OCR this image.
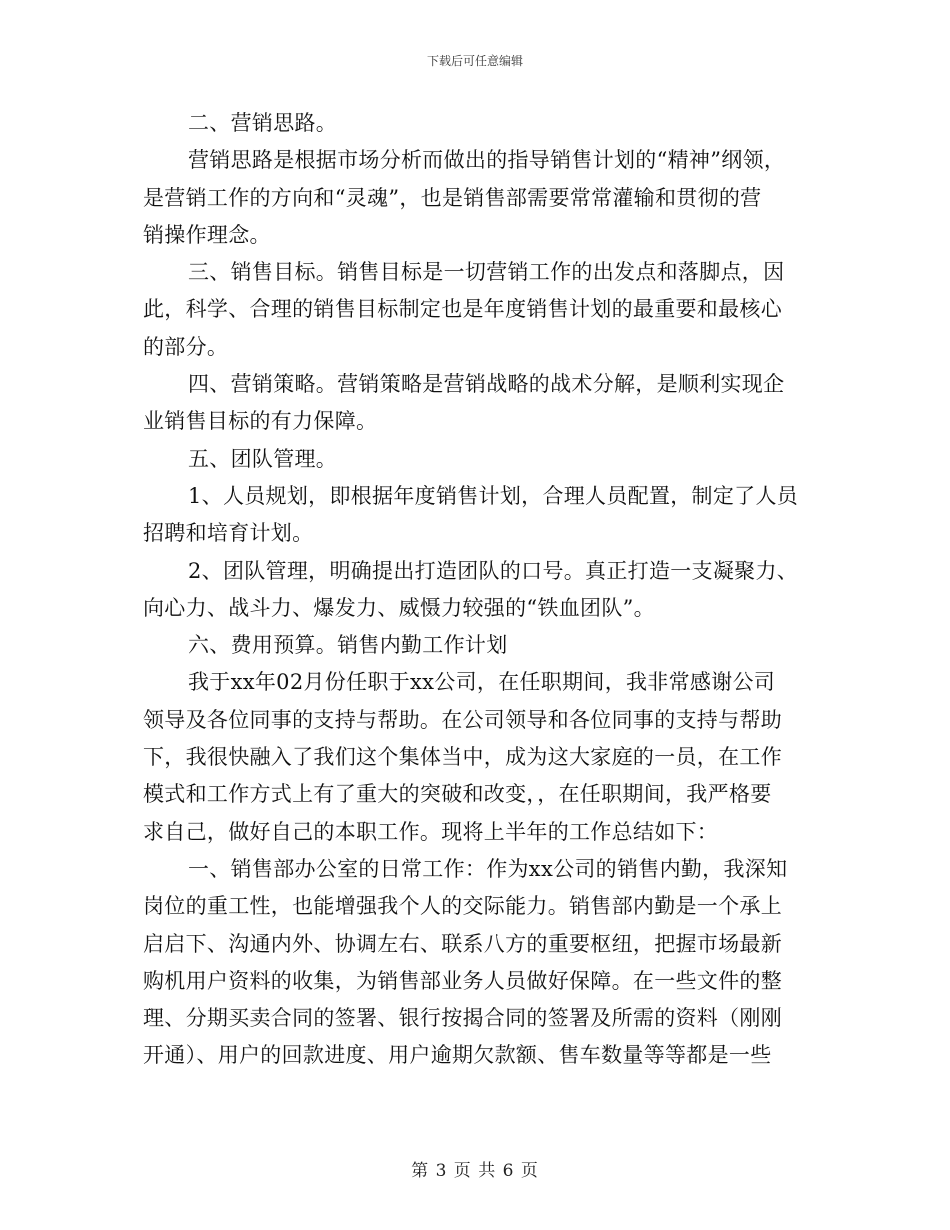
下载后可任意编辑
二、营销思路。
营销思路是根据市场分析而做出的指导销售计划的“精神”纲领，
是营销工作的方向和“灵魂”，也是销售部需要常常灌输和贯彻的营
销操作理念。
三、销售目标。销售目标是一切营销工作的出发点和落脚点，因
此，科学、合理的销售目标制定也是年度销售计划的最重要和最核心
的部分。
四、营销策略。营销策略是营销战略的战术分解，是顺利实现企
业销售目标的有力保障。
五、团队管理。
1、人员规划，即根据年度销售计划，合理人员配置，制定了人员
招聘和培育计划。
2、团队管理，明确提出打造团队的口号。真正打造一支凝聚力、
向心力、战斗力、爆发力、威慑力较强的“铁血团队”。
六、费用预算。销售内勤工作计划
我于xx年02月份任职于xx公司，在任职期间，我非常感谢公司
领导及各位同事的支持与帮助。在公司领导和各位同事的支持与帮助
下，我很快融入了我们这个集体当中，成为这大家庭的一员，在工作
模式和工作方式上有了重大的突破和改变，，在任职期间，我严格要
求自己，做好自己的本职工作。现将上半年的工作总结如下：
一、销售部办公室的日常工作：作为xx公司的销售内勤，我深知
岗位的重工性，也能增强我个人的交际能力。销售部内勤是一个承上
启启下、沟通内外、协调左右、联系八方的重要枢纽，把握市场最新
购机用户资料的收集，为销售部业务人员做好保障。在一些文件的整
理、分期买卖合同的签署、银行按揭合同的签署及所需的资料（刚刚
开通）、用户的回款进度、用户逾期欠款额、售车数量等等都是一些
第 3 页 共 6 页
